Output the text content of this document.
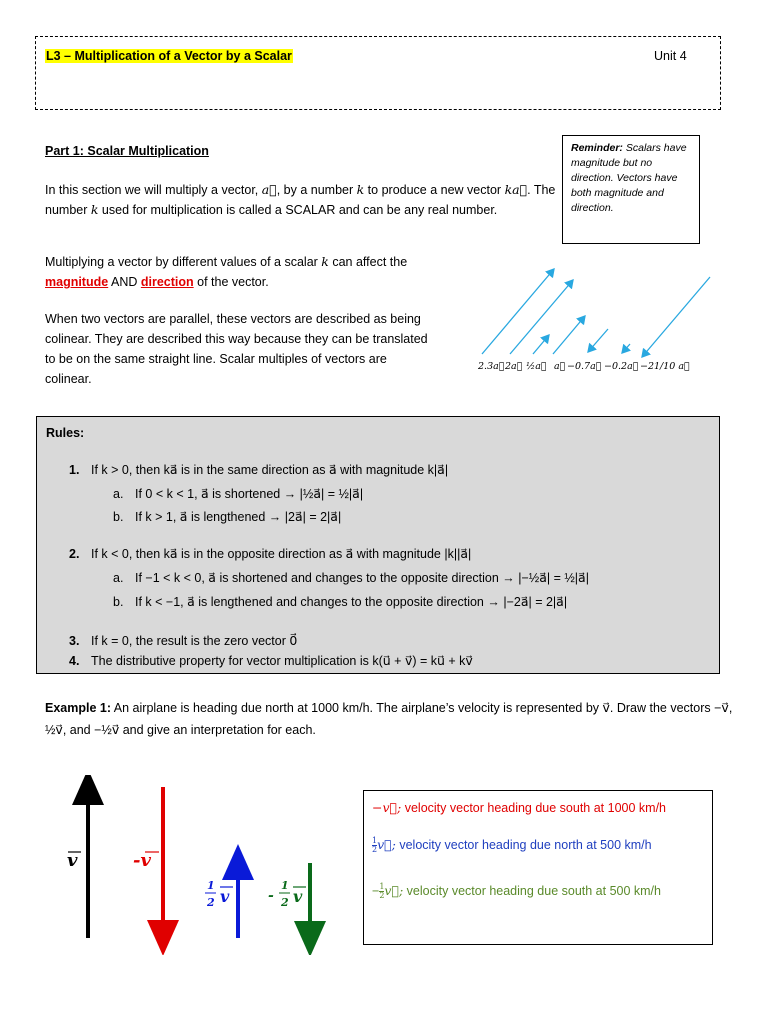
L3 – Multiplication of a Vector by a Scalar	Unit 4
Part 1: Scalar Multiplication	Reminder: Scalars have magnitude but no direction. Vectors have both magnitude and direction.
In this section we will multiply a vector, a⃗, by a number k to produce a new vector ka⃗. The number k used for multiplication is called a SCALAR and can be any real number.
Multiplying a vector by different values of a scalar k can affect the magnitude AND direction of the vector.
When two vectors are parallel, these vectors are described as being colinear. They are described this way because they can be translated to be on the same straight line. Scalar multiples of vectors are colinear.
2.3a⃗ 2a⃗ ½a⃗ a⃗ −0.7a⃗ −0.2a⃗ −21/10 a⃗
Rules:
1. If k > 0, then ka⃗ is in the same direction as a⃗ with magnitude k|a⃗|
a. If 0 < k < 1, a⃗ is shortened → |½a⃗| = ½|a⃗|
b. If k > 1, a⃗ is lengthened → |2a⃗| = 2|a⃗|
2. If k < 0, then ka⃗ is in the opposite direction as a⃗ with magnitude |k||a⃗|
a. If −1 < k < 0, a⃗ is shortened and changes to the opposite direction → |−½a⃗| = ½|a⃗|
b. If k < −1, a⃗ is lengthened and changes to the opposite direction → |−2a⃗| = 2|a⃗|
3. If k = 0, the result is the zero vector 0⃗
4. The distributive property for vector multiplication is k(u⃗ + v⃗) = ku⃗ + kv⃗
Example 1: An airplane is heading due north at 1000 km/h. The airplane’s velocity is represented by v⃗. Draw the vectors −v⃗, ½v⃗, and −½v⃗ and give an interpretation for each.
v	-v
1
2 v	-
1
2 v
−v⃗; velocity vector heading due south at 1000 km/h
$\frac{1}{2}$ v⃗; velocity vector heading due north at 500 km/h
− $\frac{1}{2}$ v⃗; velocity vector heading due south at 500 km/h
